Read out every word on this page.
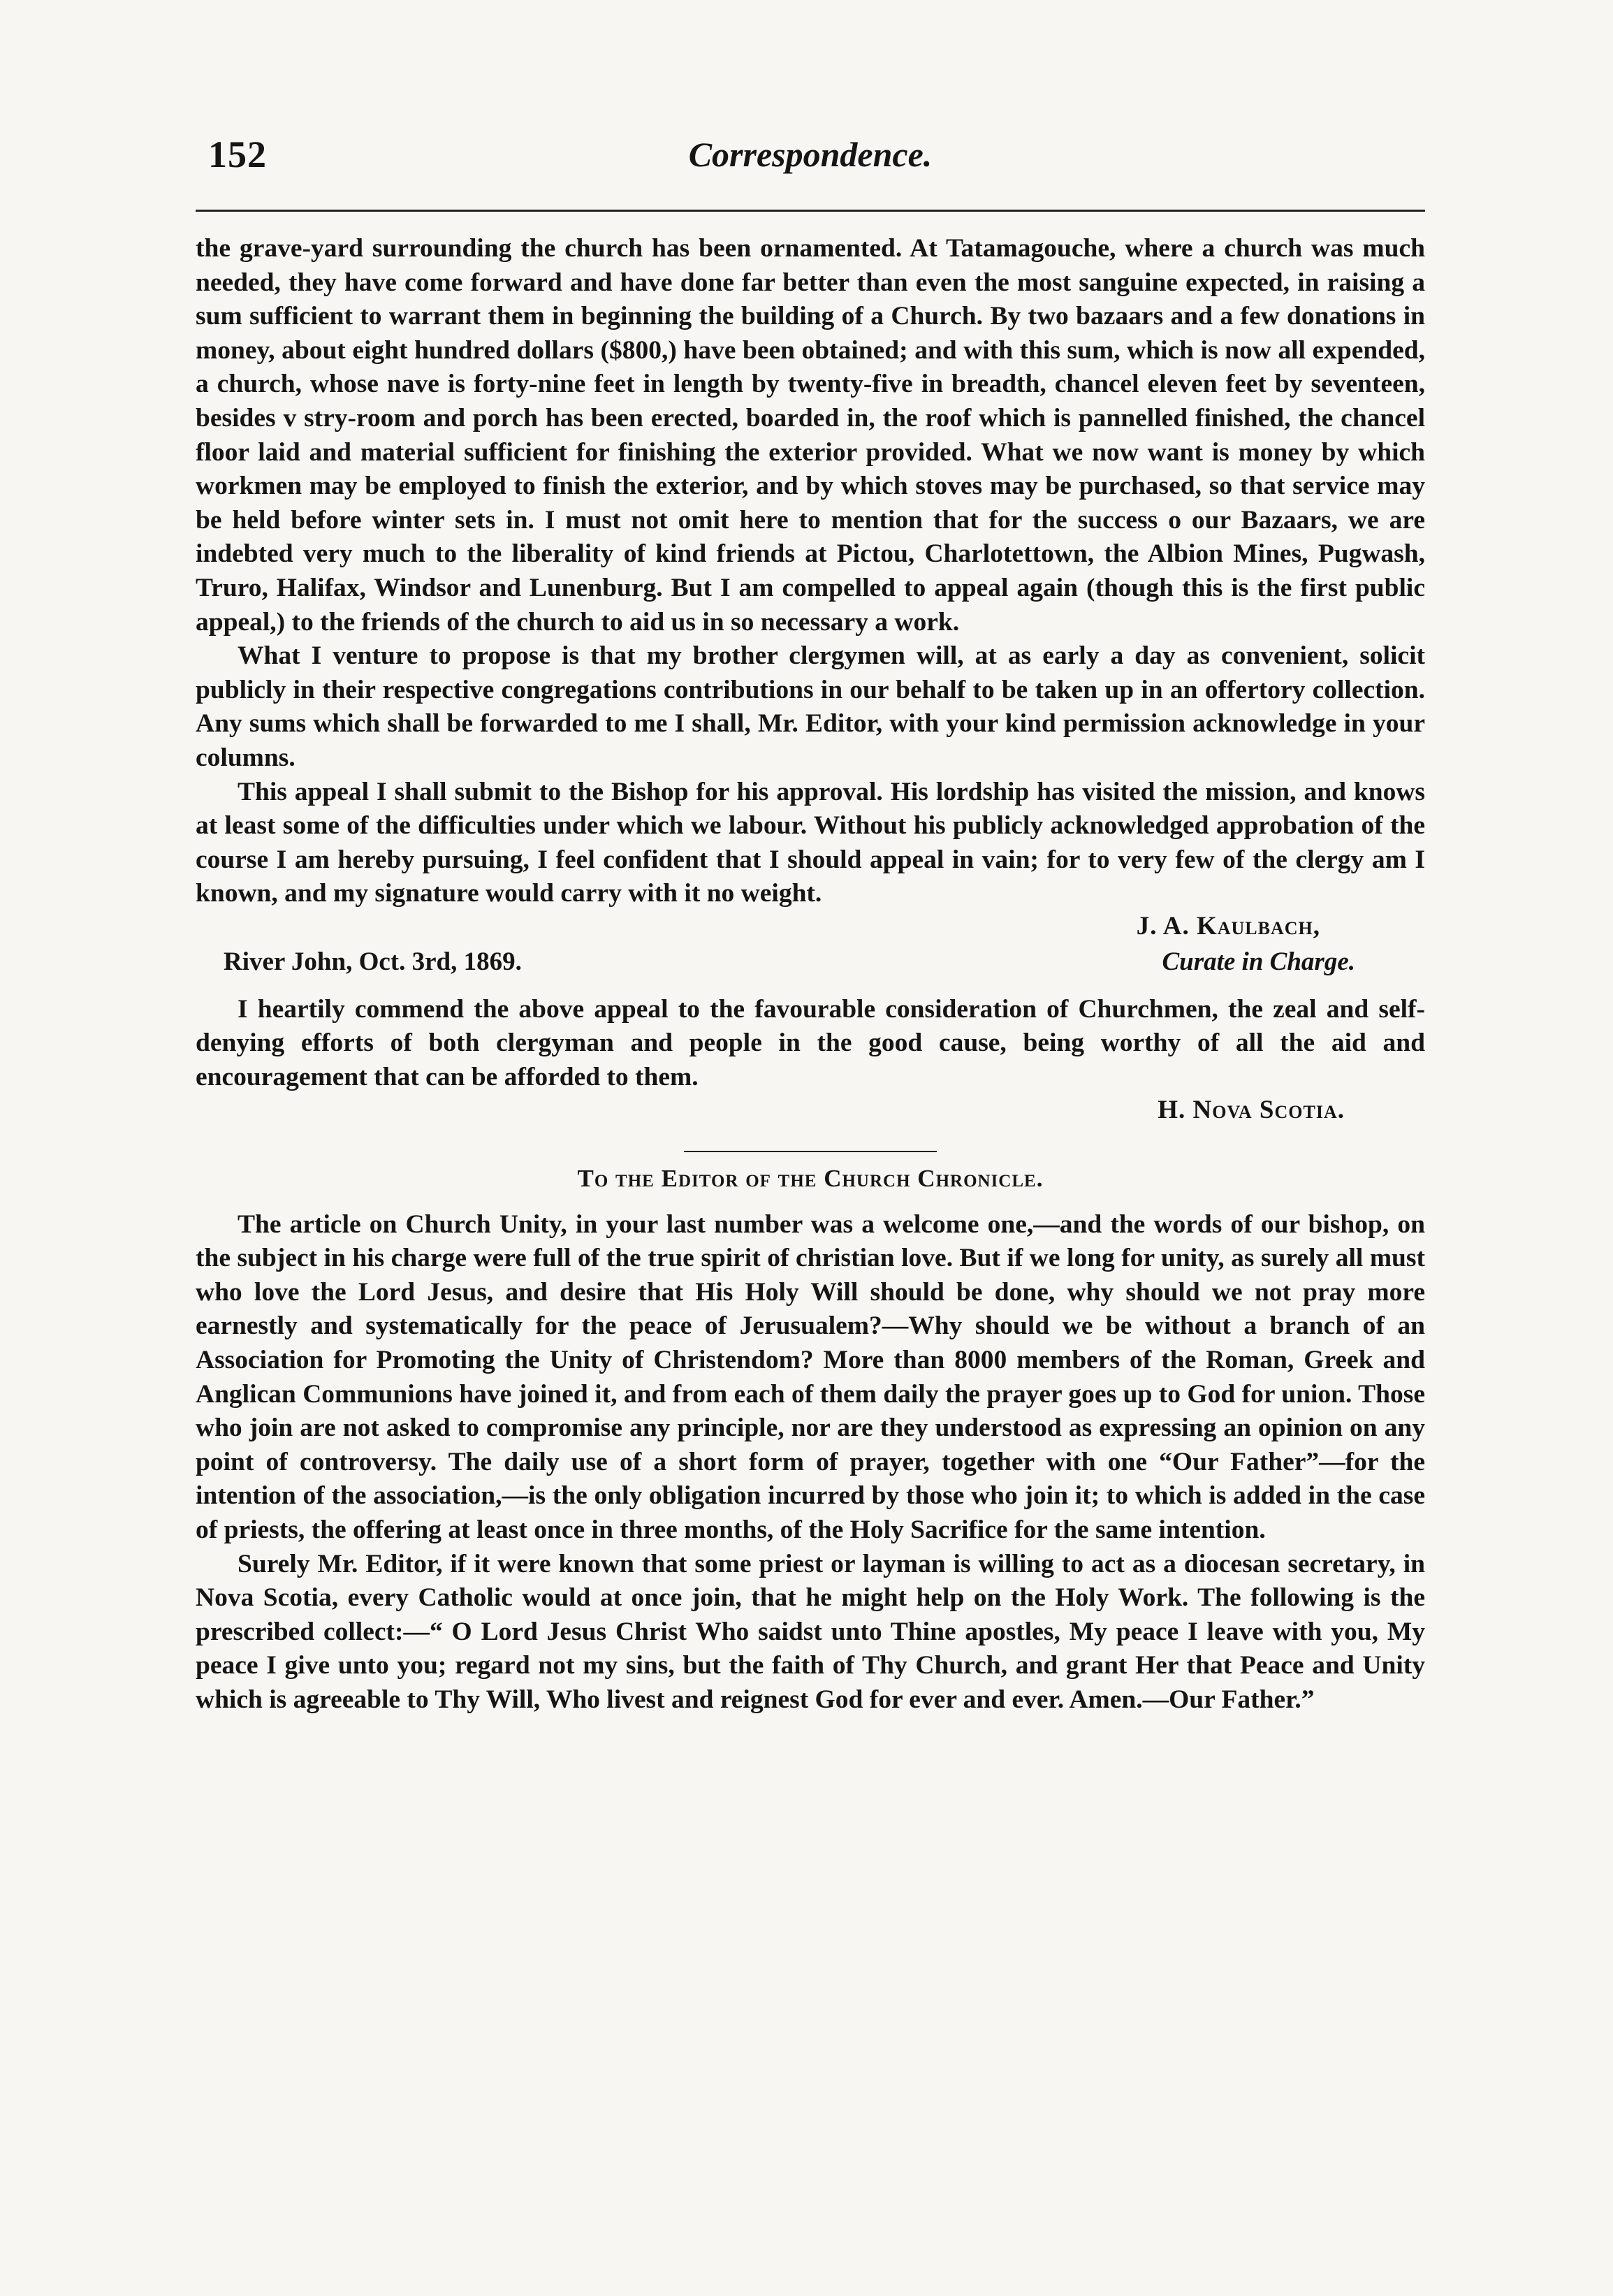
152	Correspondence.

the grave-yard surrounding the church has been ornamented. At Tatamagouche, where a church was much needed, they have come forward and have done far better than even the most sanguine expected, in raising a sum sufficient to warrant them in beginning the building of a Church. By two bazaars and a few donations in money, about eight hundred dollars ($800,) have been obtained; and with this sum, which is now all expended, a church, whose nave is forty-nine feet in length by twenty-five in breadth, chancel eleven feet by seventeen, besides v stry-room and porch has been erected, boarded in, the roof which is pannelled finished, the chancel floor laid and material sufficient for finishing the exterior provided. What we now want is money by which workmen may be employed to finish the exterior, and by which stoves may be purchased, so that service may be held before winter sets in. I must not omit here to mention that for the success o our Bazaars, we are indebted very much to the liberality of kind friends at Pictou, Charlotettown, the Albion Mines, Pugwash, Truro, Halifax, Windsor and Lunenburg. But I am compelled to appeal again (though this is the first public appeal,) to the friends of the church to aid us in so necessary a work.

What I venture to propose is that my brother clergymen will, at as early a day as convenient, solicit publicly in their respective congregations contributions in our behalf to be taken up in an offertory collection. Any sums which shall be forwarded to me I shall, Mr. Editor, with your kind permission acknowledge in your columns.

This appeal I shall submit to the Bishop for his approval. His lordship has visited the mission, and knows at least some of the difficulties under which we labour. Without his publicly acknowledged approbation of the course I am hereby pursuing, I feel confident that I should appeal in vain; for to very few of the clergy am I known, and my signature would carry with it no weight.

J. A. Kaulbach,
River John, Oct. 3rd, 1869.	Curate in Charge.

I heartily commend the above appeal to the favourable consideration of Churchmen, the zeal and self-denying efforts of both clergyman and people in the good cause, being worthy of all the aid and encouragement that can be afforded to them.

H. Nova Scotia.
To the Editor of the Church Chronicle.

The article on Church Unity, in your last number was a welcome one,—and the words of our bishop, on the subject in his charge were full of the true spirit of christian love. But if we long for unity, as surely all must who love the Lord Jesus, and desire that His Holy Will should be done, why should we not pray more earnestly and systematically for the peace of Jerusualem?—Why should we be without a branch of an Association for Promoting the Unity of Christendom? More than 8000 members of the Roman, Greek and Anglican Communions have joined it, and from each of them daily the prayer goes up to God for union. Those who join are not asked to compromise any principle, nor are they understood as expressing an opinion on any point of controversy. The daily use of a short form of prayer, together with one “Our Father”—for the intention of the association,—is the only obligation incurred by those who join it; to which is added in the case of priests, the offering at least once in three months, of the Holy Sacrifice for the same intention.

Surely Mr. Editor, if it were known that some priest or layman is willing to act as a diocesan secretary, in Nova Scotia, every Catholic would at once join, that he might help on the Holy Work. The following is the prescribed collect:—“ O Lord Jesus Christ Who saidst unto Thine apostles, My peace I leave with you, My peace I give unto you; regard not my sins, but the faith of Thy Church, and grant Her that Peace and Unity which is agreeable to Thy Will, Who livest and reignest God for ever and ever. Amen.—Our Father.”
